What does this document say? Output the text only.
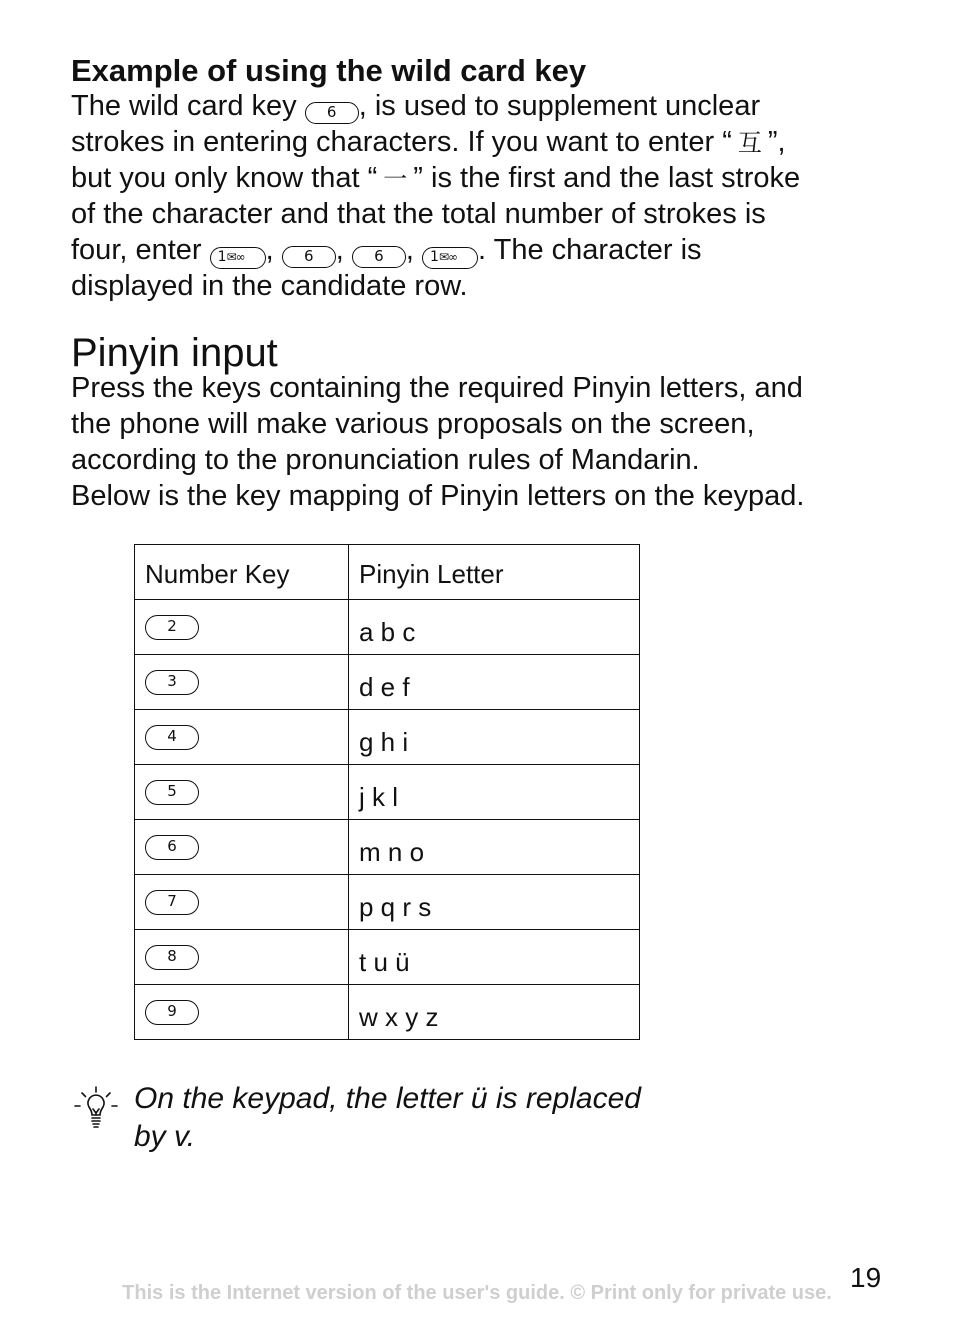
Example of using the wild card key
The wild card key 6 , is used to supplement unclear
strokes in entering characters. If you want to enter “ 互 ”,
but you only know that “ 一 ” is the first and the last stroke
of the character and that the total number of strokes is
four, enter 1✉∞ , 6 , 6 , 1✉∞ . The character is
displayed in the candidate row.
Pinyin input
Press the keys containing the required Pinyin letters, and
the phone will make various proposals on the screen,
according to the pronunciation rules of Mandarin.
Below is the key mapping of Pinyin letters on the keypad.
Number Key	Pinyin Letter
2	a b c
3	d e f
4	g h i
5	j k l
6	m n o
7	p q r s
8	t u ü
9	w x y z
On the keypad, the letter ü is replaced
by v.
19
This is the Internet version of the user's guide. © Print only for private use.
